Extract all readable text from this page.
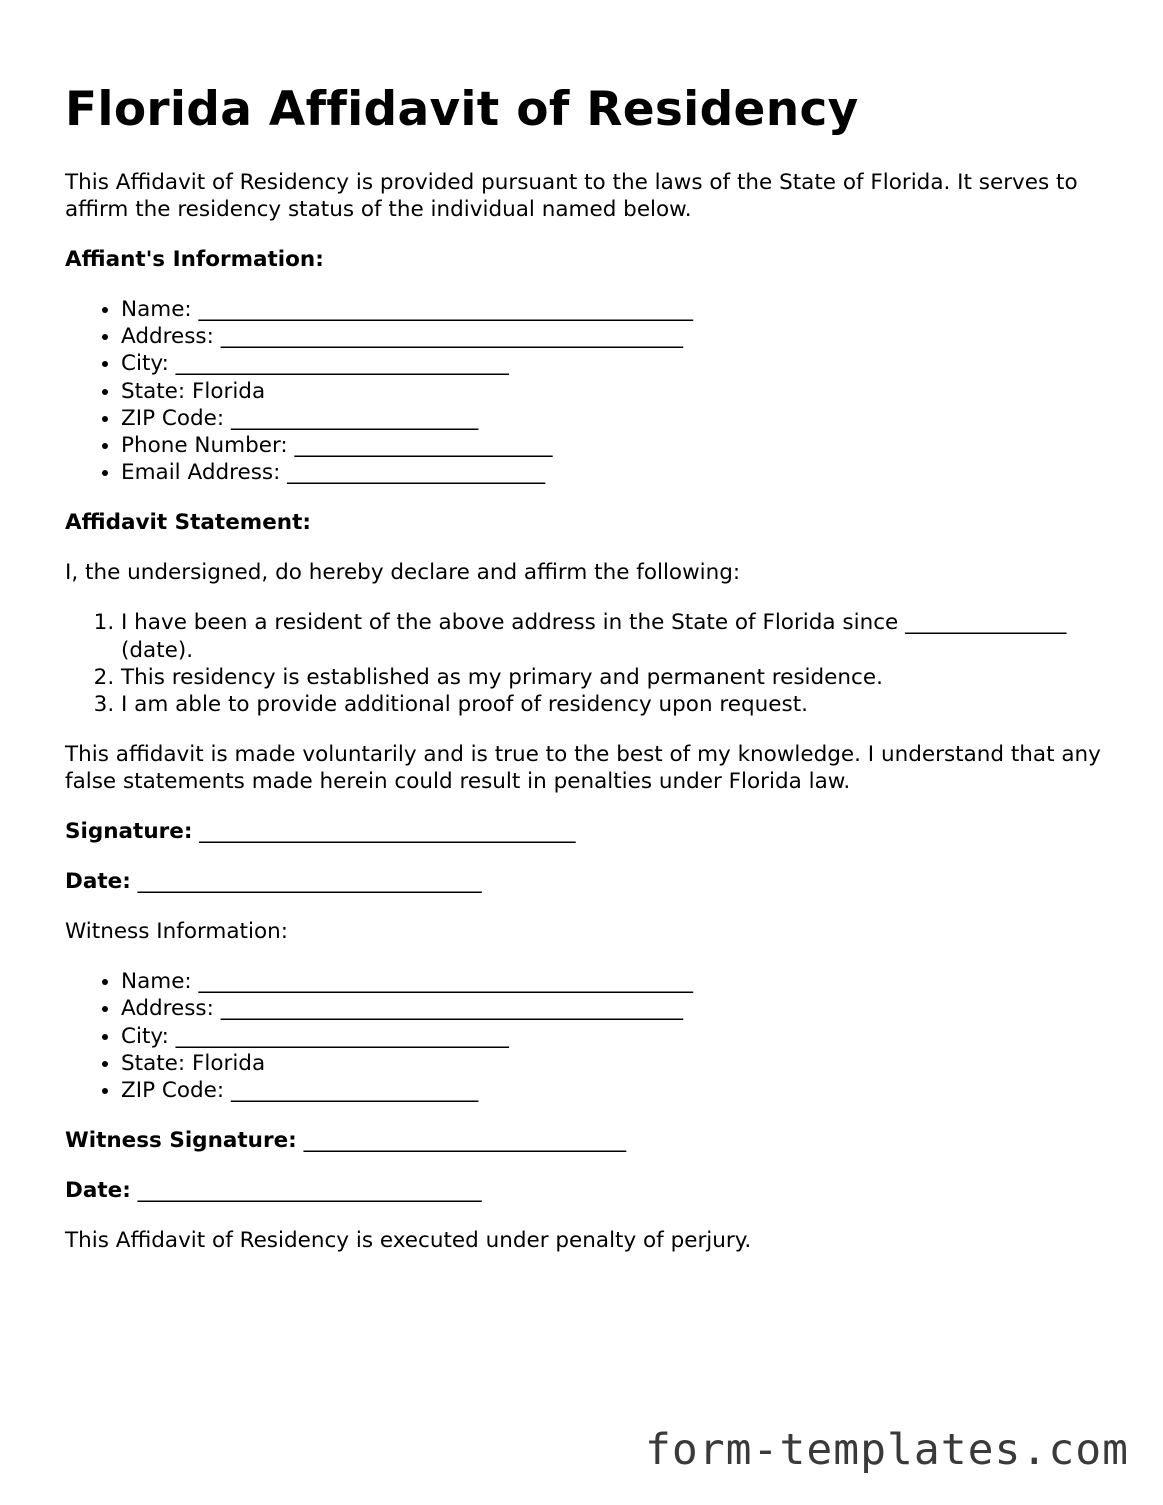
Florida Affidavit of Residency

This Affidavit of Residency is provided pursuant to the laws of the State of Florida. It serves to affirm the residency status of the individual named below.

Affiant's Information:

• Name: ______________________________________________
• Address: ___________________________________________
• City: _______________________________
• State: Florida
• ZIP Code: _______________________
• Phone Number: ________________________
• Email Address: ________________________

Affidavit Statement:

I, the undersigned, do hereby declare and affirm the following:

1. I have been a resident of the above address in the State of Florida since _______________ (date).
2. This residency is established as my primary and permanent residence.
3. I am able to provide additional proof of residency upon request.

This affidavit is made voluntarily and is true to the best of my knowledge. I understand that any false statements made herein could result in penalties under Florida law.

Signature: ___________________________________

Date: ________________________________

Witness Information:

• Name: ______________________________________________
• Address: ___________________________________________
• City: _______________________________
• State: Florida
• ZIP Code: _______________________

Witness Signature: ______________________________

Date: ________________________________

This Affidavit of Residency is executed under penalty of perjury.

form-templates.com
